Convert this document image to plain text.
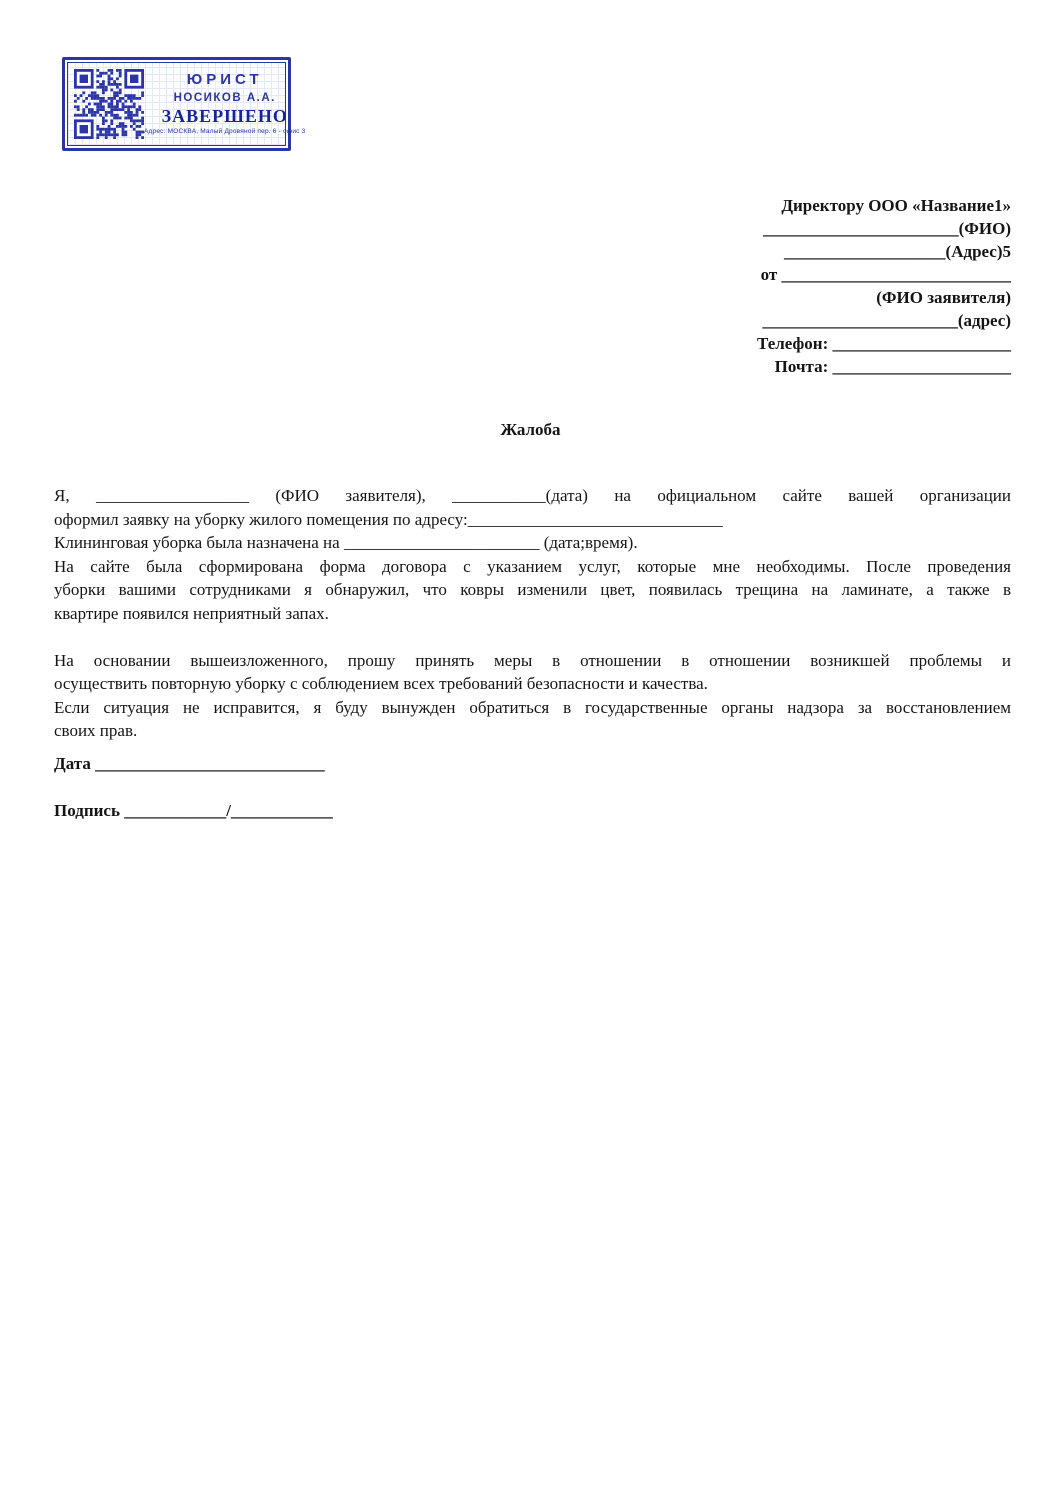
ЮРИСТ
НОСИКОВ А.А.
ЗАВЕРШЕНО
Адрес: МОСКВА, Малый Дровяной пер. 6 - офис 3
Директору ООО «Название1»
_______________________(ФИО)
___________________(Адрес)5
от ___________________________
(ФИО заявителя)
_______________________(адрес)
Телефон: _____________________
Почта: _____________________
Жалоба
Я, __________________ (ФИО заявителя), ___________(дата) на официальном сайте вашей организации
оформил заявку на уборку жилого помещения по адресу:______________________________
Клининговая уборка была назначена на _______________________ (дата;время).
На сайте была сформирована форма договора с указанием услуг, которые мне необходимы. После проведения
уборки вашими сотрудниками я обнаружил, что ковры изменили цвет, появилась трещина на ламинате, а также в
квартире появился неприятный запах.
На основании вышеизложенного, прошу принять меры в отношении в отношении возникшей проблемы и
осуществить повторную уборку с соблюдением всех требований безопасности и качества.
Если ситуация не исправится, я буду вынужден обратиться в государственные органы надзора за восстановлением
своих прав.
Дата ___________________________
Подпись ____________/____________
